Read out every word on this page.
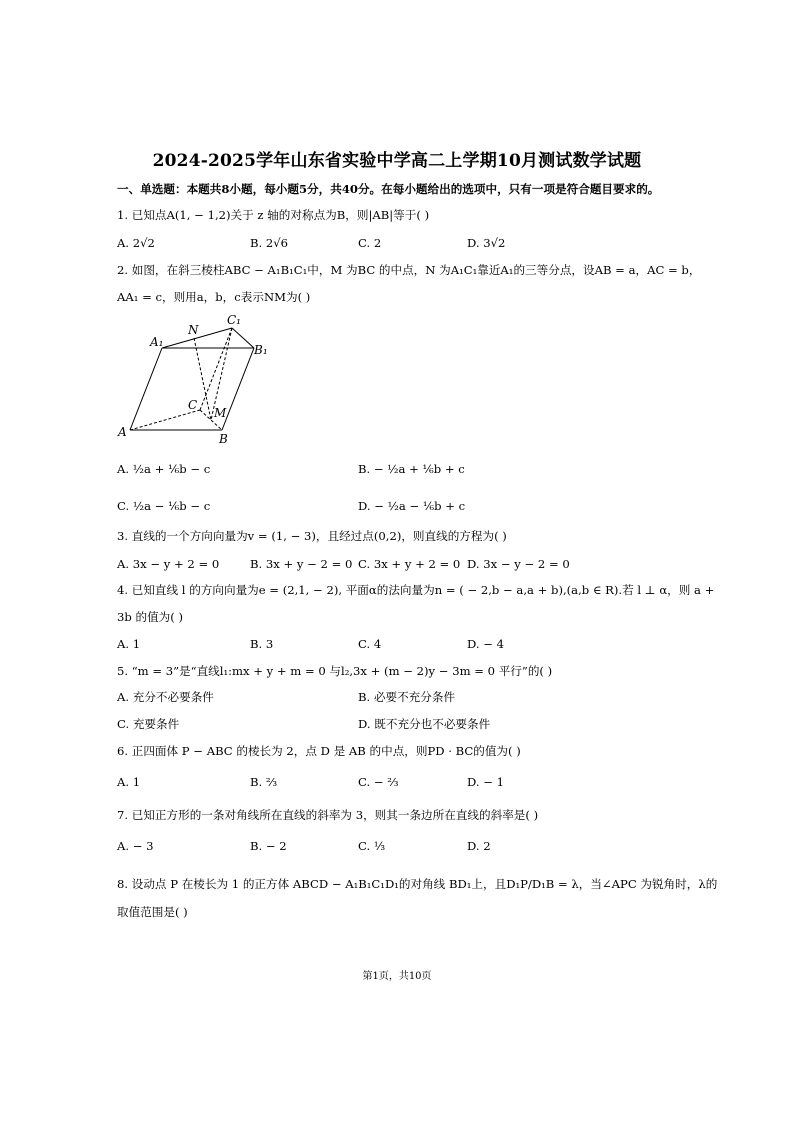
2024-2025学年山东省实验中学高二上学期10月测试数学试题
一、单选题：本题共8小题，每小题5分，共40分。在每小题给出的选项中，只有一项是符合题目要求的。
1. 已知点A(1, − 1,2)关于 z 轴的对称点为B，则|AB|等于( )
A. 2√2	B. 2√6	C. 2	D. 3√2
2. 如图，在斜三棱柱ABC − A₁B₁C₁中，M 为BC 的中点，N 为A₁C₁靠近A₁的三等分点，设AB = a，AC = b，
AA₁ = c，则用a，b，c表示NM为( )
N
C₁
A₁
B₁
C
M
A	B
A. ½a + ⅙b − c	B. − ½a + ⅙b + c
C. ½a − ⅙b − c	D. − ½a − ⅙b + c
3. 直线的一个方向向量为v = (1, − 3)，且经过点(0,2)，则直线的方程为( )
A. 3x − y + 2 = 0	B. 3x + y − 2 = 0 C. 3x + y + 2 = 0 D. 3x − y − 2 = 0
4. 已知直线 l 的方向向量为e = (2,1, − 2), 平面α的法向量为n = ( − 2,b − a,a + b),(a,b ∈ R).若 l ⊥ α，则 a +
3b 的值为( )
A. 1	B. 3	C. 4	D. − 4
5. “m = 3”是“直线l₁:mx + y + m = 0 与l₂,3x + (m − 2)y − 3m = 0 平行”的( )
A. 充分不必要条件	B. 必要不充分条件
C. 充要条件	D. 既不充分也不必要条件
6. 正四面体 P − ABC 的棱长为 2，点 D 是 AB 的中点，则PD · BC的值为( )
A. 1	B. ⅔	C. − ⅔	D. − 1
7. 已知正方形的一条对角线所在直线的斜率为 3，则其一条边所在直线的斜率是( )
A. − 3	B. − 2	C. ⅓	D. 2
8. 设动点 P 在棱长为 1 的正方体 ABCD − A₁B₁C₁D₁的对角线 BD₁上，且D₁P/D₁B = λ，当∠APC 为锐角时，λ的
取值范围是( )
第1页，共10页
